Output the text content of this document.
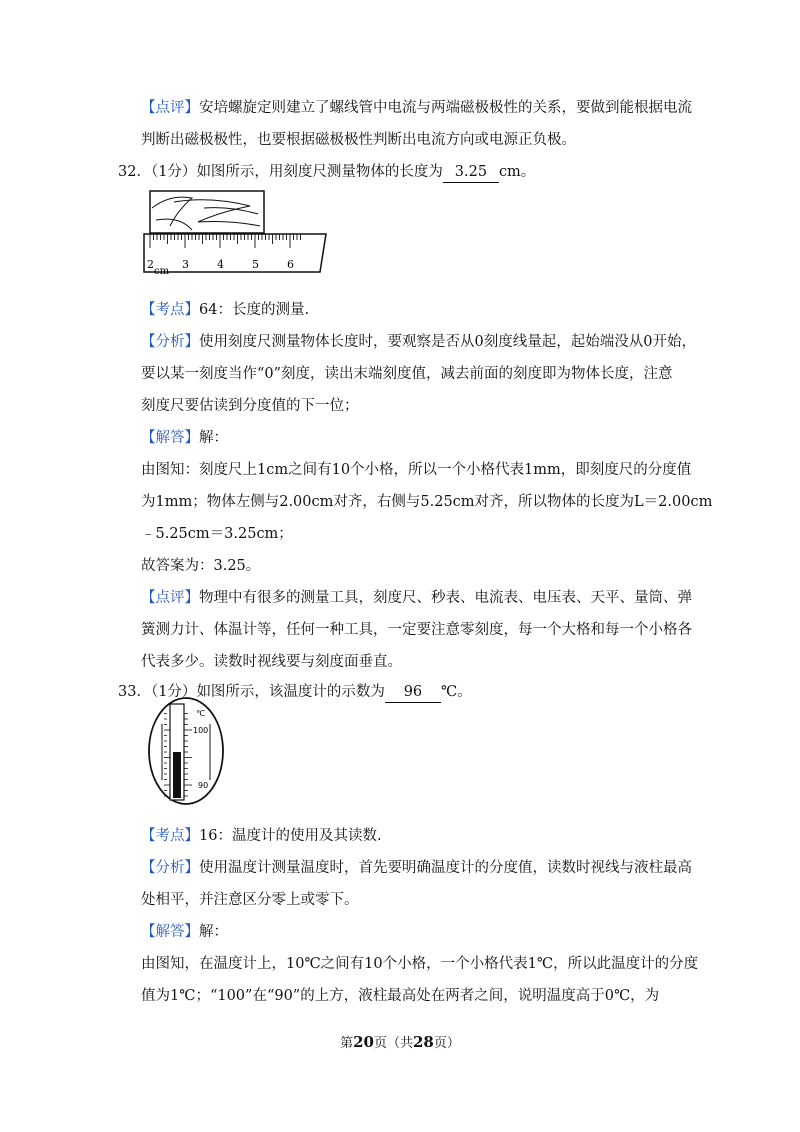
【点评】安培螺旋定则建立了螺线管中电流与两端磁极极性的关系，要做到能根据电流
判断出磁极极性，也要根据磁极极性判断出电流方向或电源正负极。
32．（1分）如图所示，用刻度尺测量物体的长度为 3.25 cm。
2	3	4	5	6
cm
【考点】64：长度的测量.
【分析】使用刻度尺测量物体长度时，要观察是否从0刻度线量起，起始端没从0开始，
要以某一刻度当作“0”刻度，读出末端刻度值，减去前面的刻度即为物体长度，注意
刻度尺要估读到分度值的下一位；
【解答】解：
由图知：刻度尺上1cm之间有10个小格，所以一个小格代表1mm，即刻度尺的分度值
为1mm；物体左侧与2.00cm对齐，右侧与5.25cm对齐，所以物体的长度为L＝2.00cm
﹣5.25cm＝3.25cm；
故答案为：3.25。
【点评】物理中有很多的测量工具，刻度尺、秒表、电流表、电压表、天平、量筒、弹
簧测力计、体温计等，任何一种工具，一定要注意零刻度，每一个大格和每一个小格各
代表多少。读数时视线要与刻度面垂直。
33．（1分）如图所示，该温度计的示数为 96 ℃。
℃
100
90
【考点】16：温度计的使用及其读数.
【分析】使用温度计测量温度时，首先要明确温度计的分度值，读数时视线与液柱最高
处相平，并注意区分零上或零下。
【解答】解：
由图知，在温度计上，10℃之间有10个小格，一个小格代表1℃，所以此温度计的分度
值为1℃；“100”在“90”的上方，液柱最高处在两者之间，说明温度高于0℃，为
第20页（共28页）
